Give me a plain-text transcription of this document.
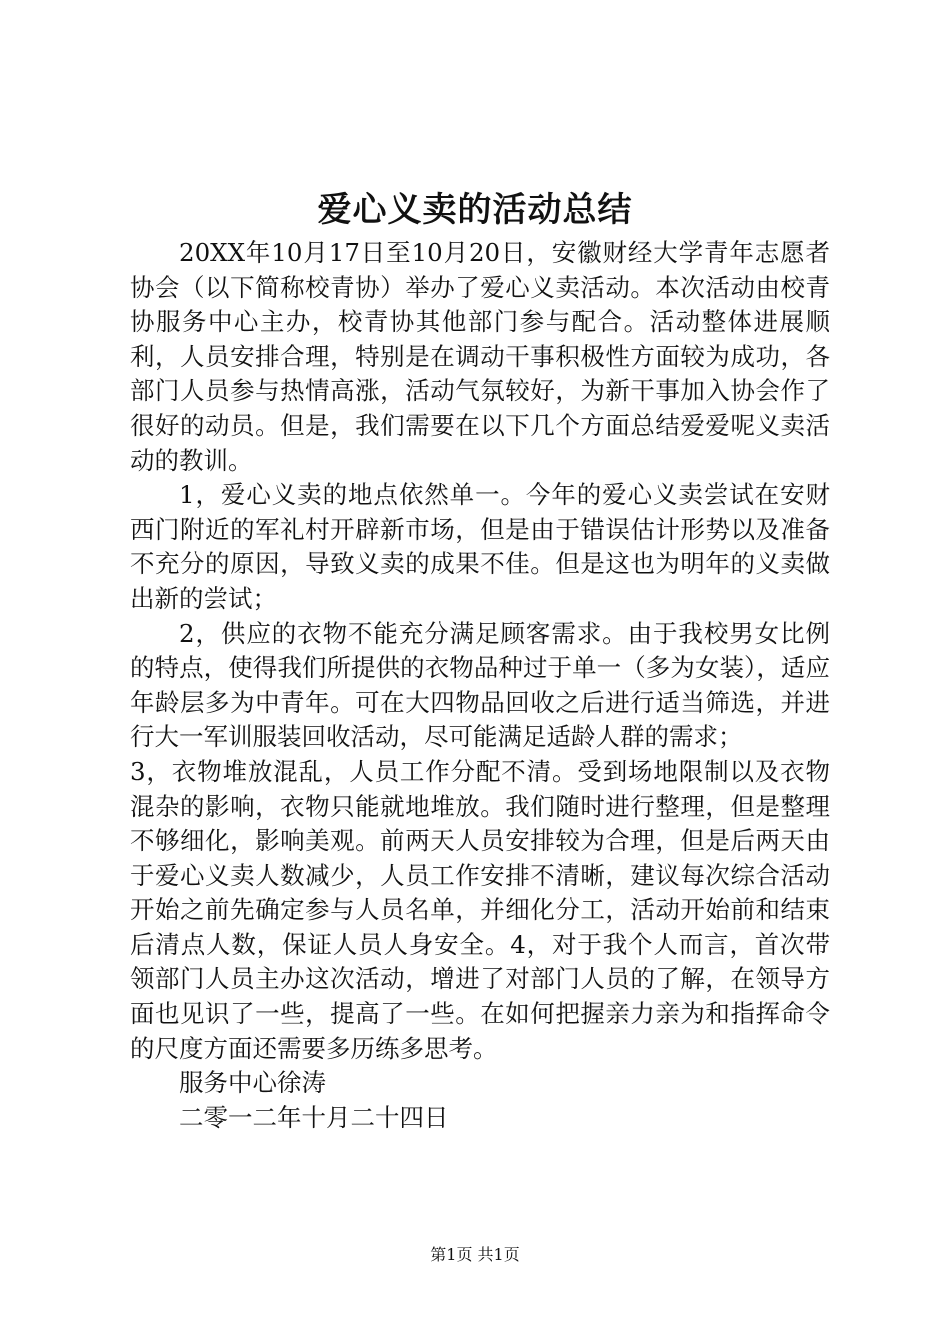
爱心义卖的活动总结

20XX年10月17日至10月20日，安徽财经大学青年志愿者协会（以下简称校青协）举办了爱心义卖活动。本次活动由校青协服务中心主办，校青协其他部门参与配合。活动整体进展顺利，人员安排合理，特别是在调动干事积极性方面较为成功，各部门人员参与热情高涨，活动气氛较好，为新干事加入协会作了很好的动员。但是，我们需要在以下几个方面总结爱爱呢义卖活动的教训。

1，爱心义卖的地点依然单一。今年的爱心义卖尝试在安财西门附近的军礼村开辟新市场，但是由于错误估计形势以及准备不充分的原因，导致义卖的成果不佳。但是这也为明年的义卖做出新的尝试；

2，供应的衣物不能充分满足顾客需求。由于我校男女比例的特点，使得我们所提供的衣物品种过于单一（多为女装），适应年龄层多为中青年。可在大四物品回收之后进行适当筛选，并进行大一军训服装回收活动，尽可能满足适龄人群的需求；

3，衣物堆放混乱，人员工作分配不清。受到场地限制以及衣物混杂的影响，衣物只能就地堆放。我们随时进行整理，但是整理不够细化，影响美观。前两天人员安排较为合理，但是后两天由于爱心义卖人数减少，人员工作安排不清晰，建议每次综合活动开始之前先确定参与人员名单，并细化分工，活动开始前和结束后清点人数，保证人员人身安全。4，对于我个人而言，首次带领部门人员主办这次活动，增进了对部门人员的了解，在领导方面也见识了一些，提高了一些。在如何把握亲力亲为和指挥命令的尺度方面还需要多历练多思考。

服务中心徐涛

二零一二年十月二十四日

第1页 共1页
